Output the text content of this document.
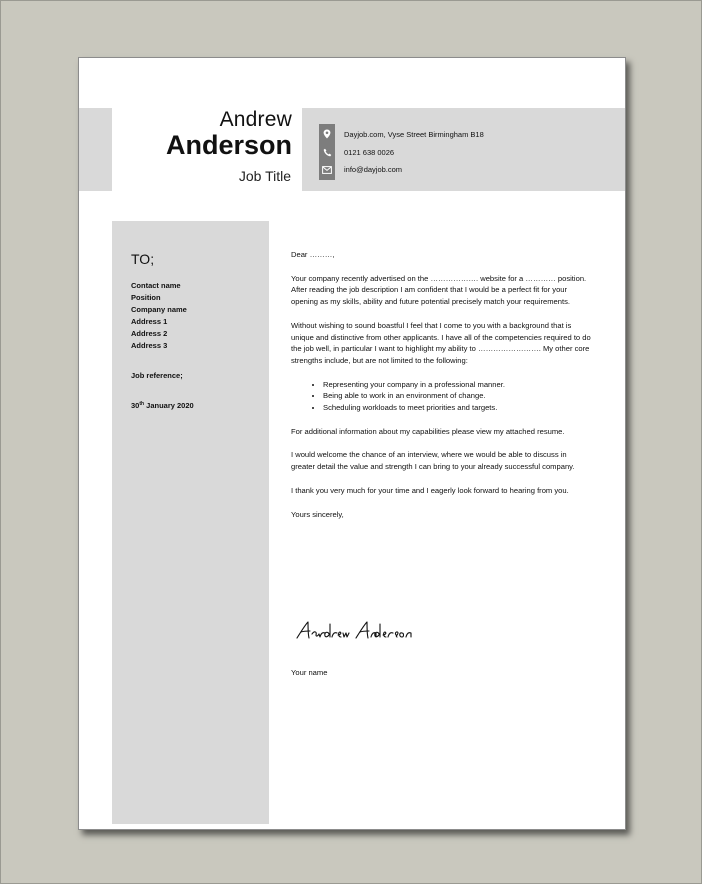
Andrew
Anderson
Job Title
Dayjob.com, Vyse Street Birmingham B18
0121 638 0026
info@dayjob.com
TO;
Contact name
Position
Company name
Address 1
Address 2
Address 3
Job reference;
30th January 2020

Dear ………,

Your company recently advertised on the ………………. website for a ………… position. After reading the job description I am confident that I would be a perfect fit for your opening as my skills, ability and future potential precisely match your requirements.

Without wishing to sound boastful I feel that I come to you with a background that is unique and distinctive from other applicants. I have all of the competencies required to do the job well, in particular I want to highlight my ability to ……………………. My other core strengths include, but are not limited to the following:

• Representing your company in a professional manner.
• Being able to work in an environment of change.
• Scheduling workloads to meet priorities and targets.

For additional information about my capabilities please view my attached resume.

I would welcome the chance of an interview, where we would be able to discuss in greater detail the value and strength I can bring to your already successful company.

I thank you very much for your time and I eagerly look forward to hearing from you.

Yours sincerely,

Your name
